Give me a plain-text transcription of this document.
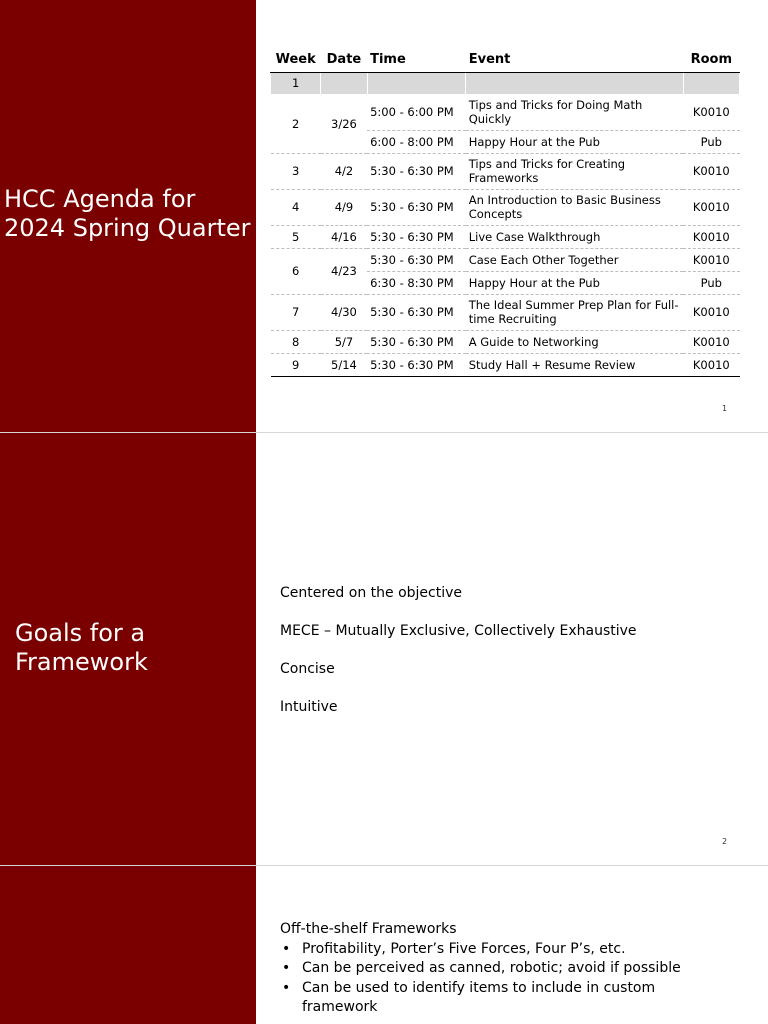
HCC Agenda for 2024 Spring Quarter
Week	Date	Time	Event	Room
1				
2	3/26	5:00 - 6:00 PM	Tips and Tricks for Doing Math Quickly	K0010
		6:00 - 8:00 PM	Happy Hour at the Pub	Pub
3	4/2	5:30 - 6:30 PM	Tips and Tricks for Creating Frameworks	K0010
4	4/9	5:30 - 6:30 PM	An Introduction to Basic Business Concepts	K0010
5	4/16	5:30 - 6:30 PM	Live Case Walkthrough	K0010
6	4/23	5:30 - 6:30 PM	Case Each Other Together	K0010
		6:30 - 8:30 PM	Happy Hour at the Pub	Pub
7	4/30	5:30 - 6:30 PM	The Ideal Summer Prep Plan for Full-time Recruiting	K0010
8	5/7	5:30 - 6:30 PM	A Guide to Networking	K0010
9	5/14	5:30 - 6:30 PM	Study Hall + Resume Review	K0010
1
Goals for a Framework
Centered on the objective
MECE – Mutually Exclusive, Collectively Exhaustive
Concise
Intuitive
2
Off-the-shelf Frameworks
• Profitability, Porter’s Five Forces, Four P’s, etc.
• Can be perceived as canned, robotic; avoid if possible
• Can be used to identify items to include in custom framework
